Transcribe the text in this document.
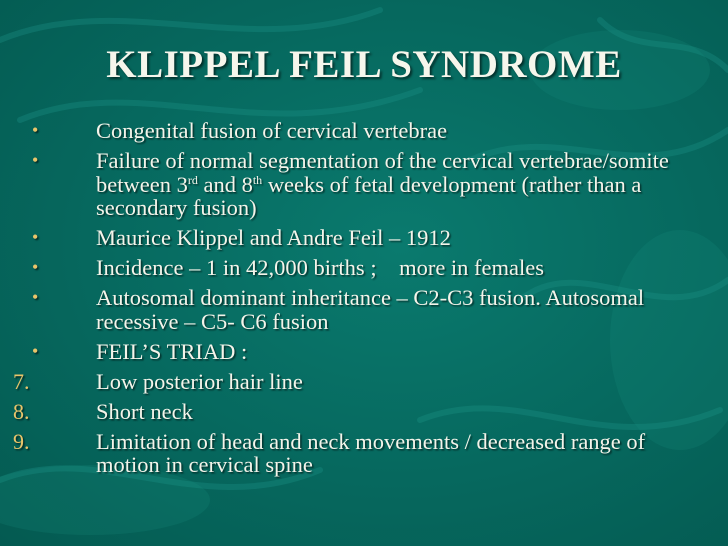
KLIPPEL FEIL SYNDROME
•	Congenital fusion of cervical vertebrae
•	Failure of normal segmentation of the cervical vertebrae/somite between 3rd and 8th weeks of fetal development (rather than a secondary fusion)
•	Maurice Klippel and Andre Feil – 1912
•	Incidence – 1 in 42,000 births ;    more in females
•	Autosomal dominant inheritance – C2-C3 fusion. Autosomal recessive – C5- C6 fusion
•	FEIL’S TRIAD :
7.	Low posterior hair line
8.	Short neck
9.	Limitation of head and neck movements / decreased range of motion in cervical spine
